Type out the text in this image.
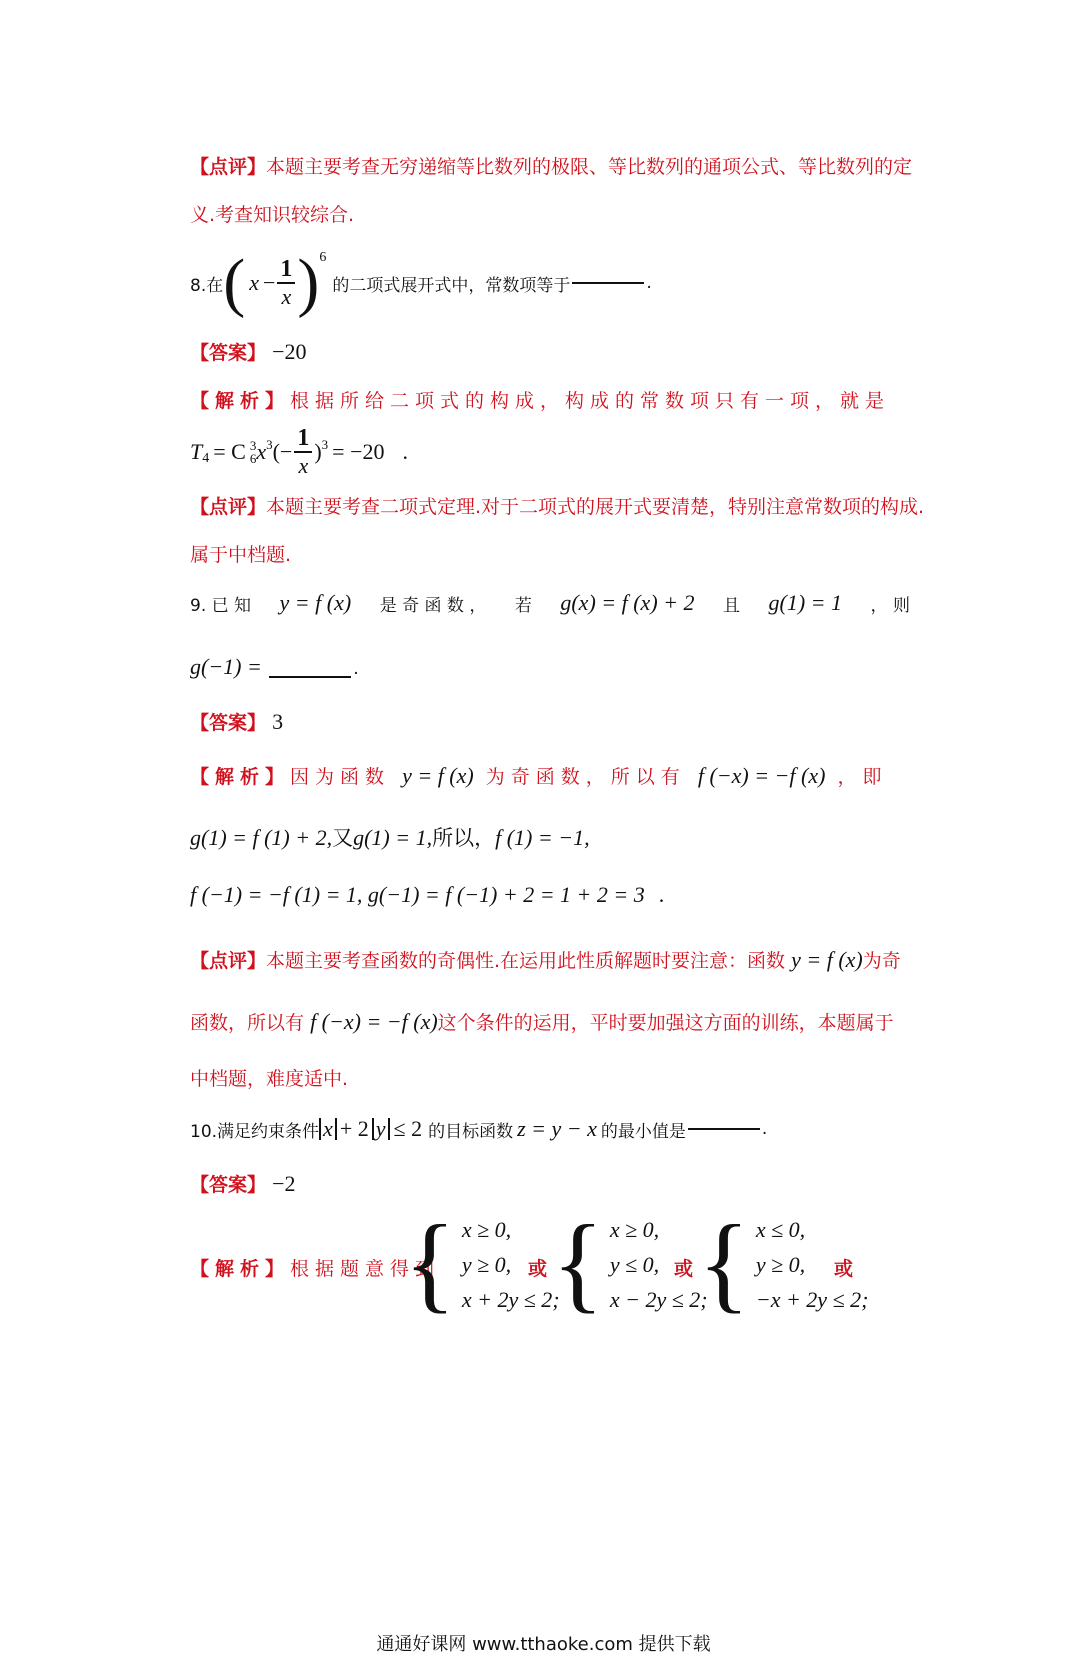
【点评】本题主要考查无穷递缩等比数列的极限、等比数列的通项公式、等比数列的定
义.考查知识较综合.
8.在 ( $x - \frac{1}{x}$ ) 6
的二项式展开式中，常数项等于	.
【答案】 −20
【解析】根据所给二项式的构成，构成的常数项只有一项，就是
T 4 = C 3
6 x 3 (− $\frac{1}{x}$ ) 3 = −20 .
【点评】本题主要考查二项式定理.对于二项式的展开式要清楚，特别注意常数项的构成.
属于中档题.
9. 已 知 y = f (x) 是 奇 函 数 ， 若 g(x) = f (x) + 2 且 g(1) = 1 ， 则
g(−1) =	.
【答案】 3
【解析】因为函数 y = f (x) 为奇函数，所以有 f (−x) = −f (x) ，即
g(1) = f (1) + 2,又g(1) = 1,所以，f (1) = −1,
f (−1) = −f (1) = 1, g(−1) = f (−1) + 2 = 1 + 2 = 3 .
【点评】本题主要考查函数的奇偶性.在运用此性质解题时要注意：函数 y = f (x)为奇
函数，所以有 f (−x) = −f (x)这个条件的运用，平时要加强这方面的训练，本题属于
中档题，难度适中.
10.满足约束条件 x + 2 y ≤ 2 的目标函数 z = y − x 的最小值是	.
【答案】 −2
【解析】根据题意得到
{ x ≥ 0,
y ≥ 0,
x + 2y ≤ 2;
或 { x ≥ 0,
y ≤ 0,
x − 2y ≤ 2;
或 { x ≤ 0,
y ≥ 0,
−x + 2y ≤ 2;
或
通通好课网 www.tthaoke.com 提供下载
